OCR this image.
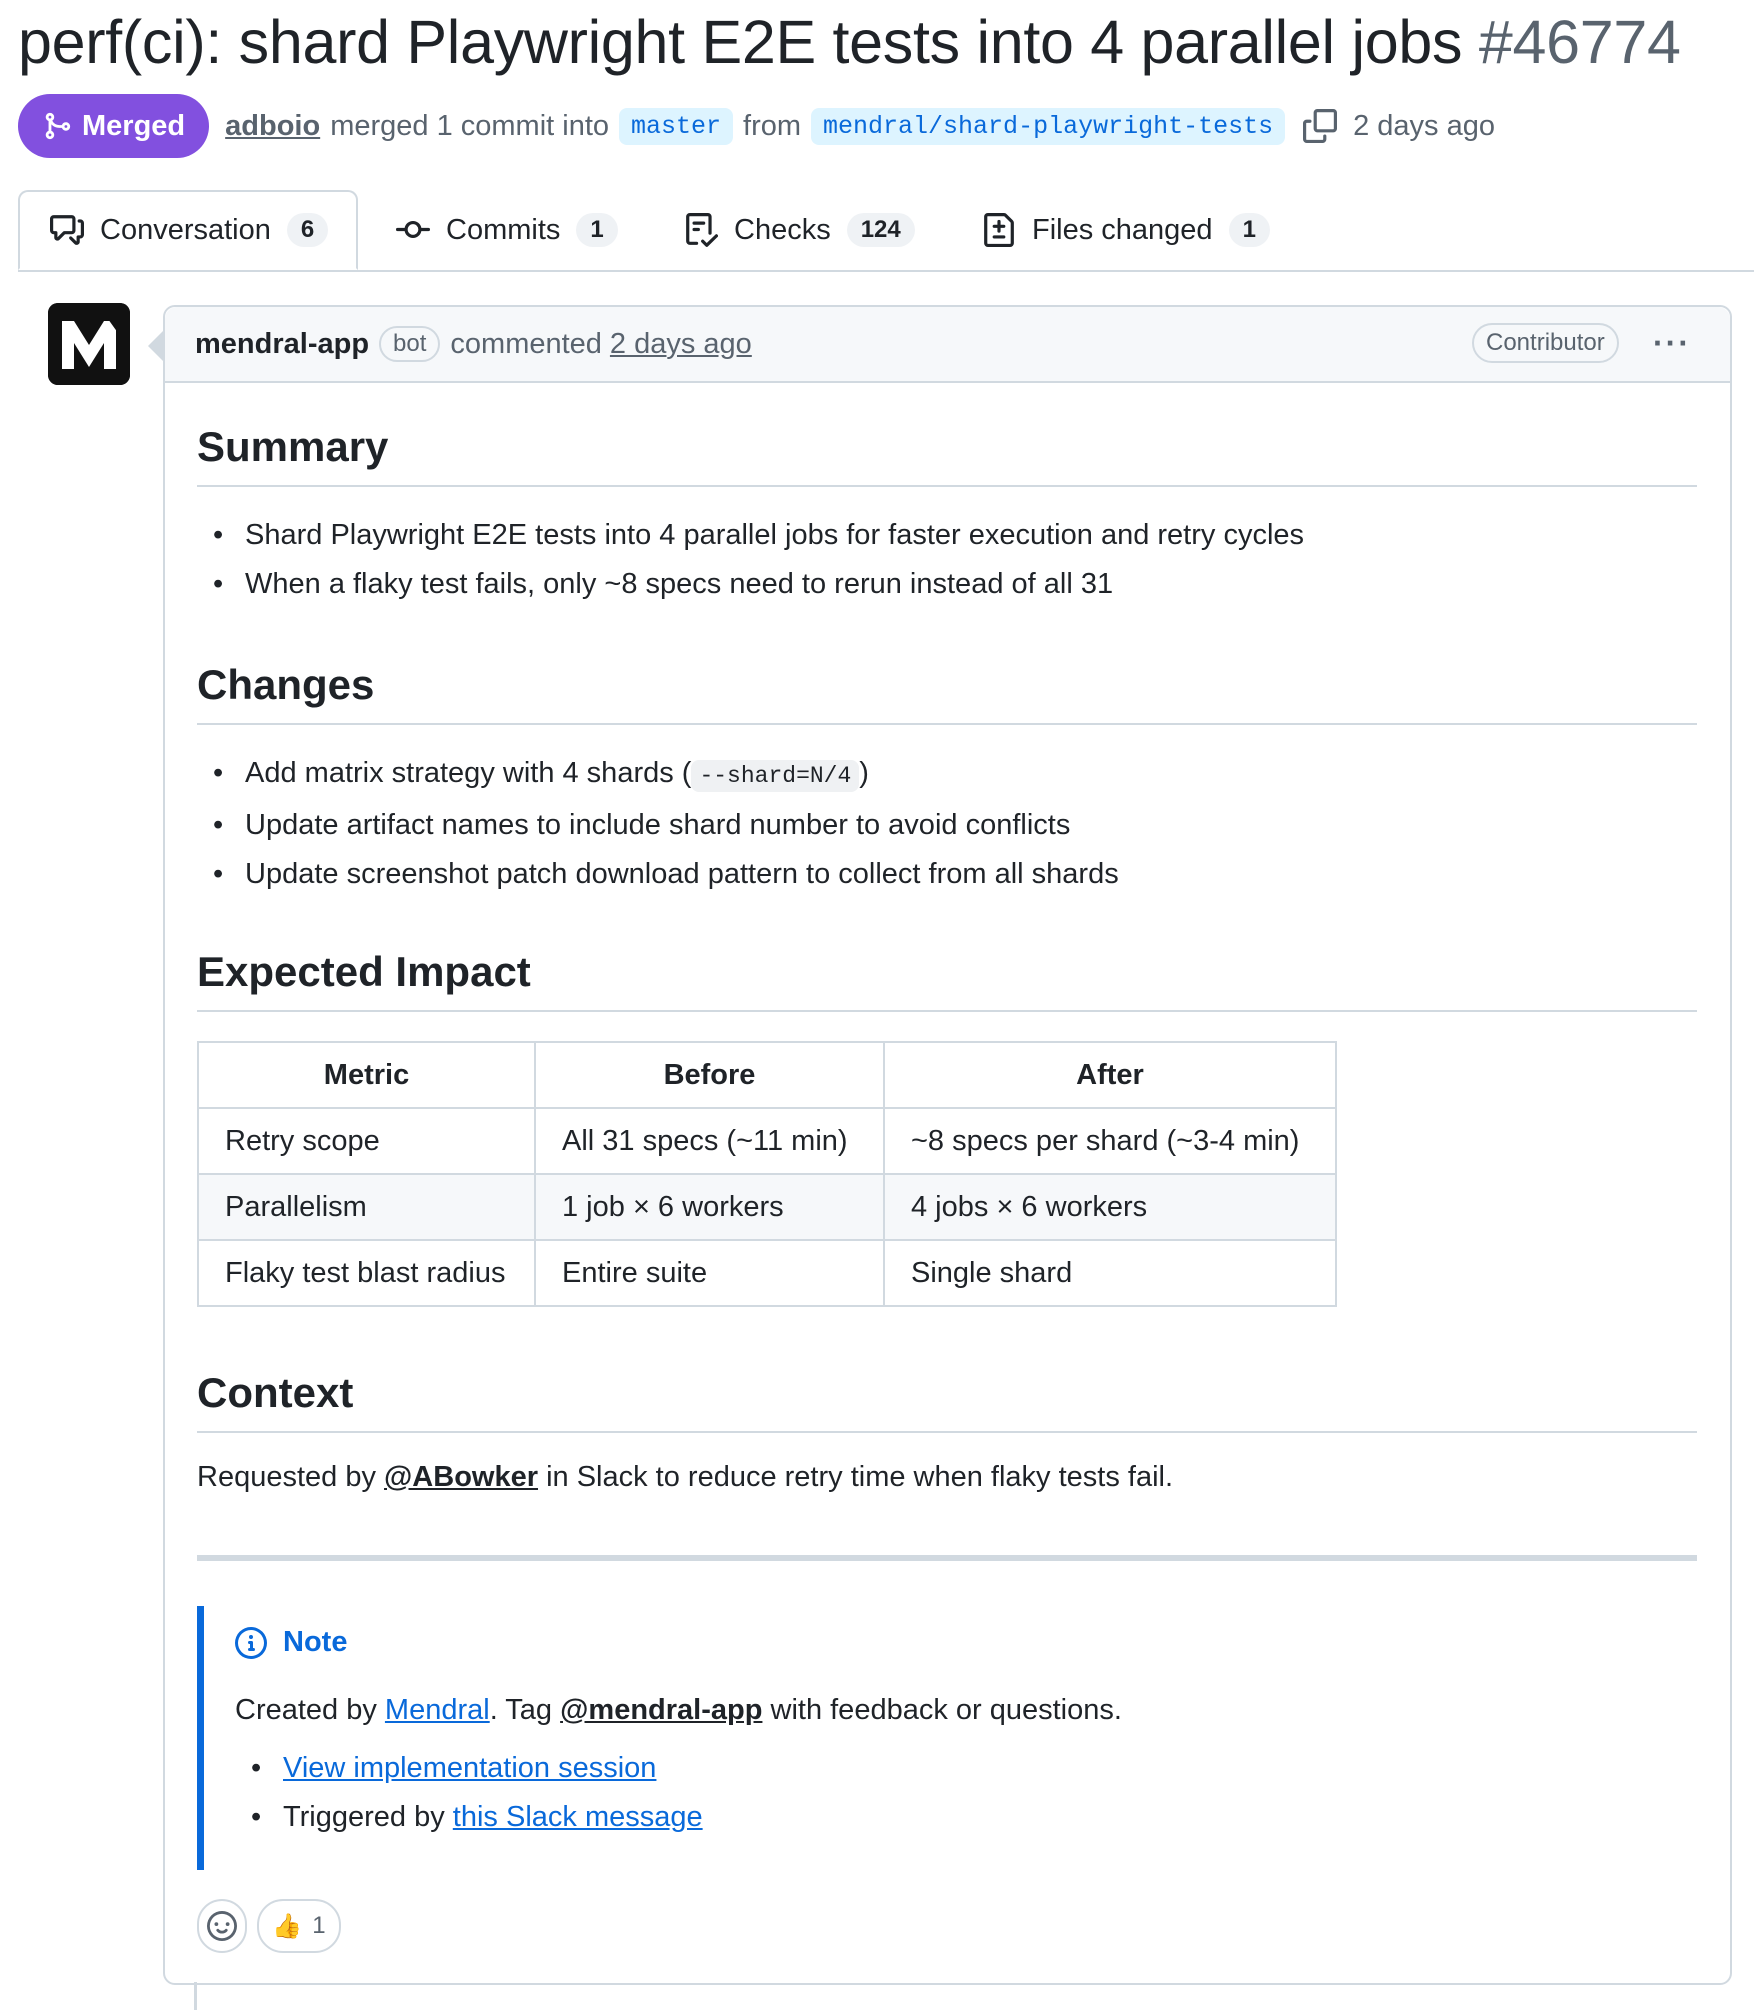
perf(ci): shard Playwright E2E tests into 4 parallel jobs #46774
Merged adboio merged 1 commit into master from mendral/shard-playwright-tests	2 days ago
Conversation	6	Commits	1	Checks	124	Files changed	1
mendral-app	bot commented 2 days ago	Contributor	···
Summary
• Shard Playwright E2E tests into 4 parallel jobs for faster execution and retry cycles
• When a flaky test fails, only ~8 specs need to rerun instead of all 31
Changes
• Add matrix strategy with 4 shards ( --shard=N/4 )
• Update artifact names to include shard number to avoid conflicts
• Update screenshot patch download pattern to collect from all shards
Expected Impact
Metric	Before	After
Retry scope	All 31 specs (~11 min)	~8 specs per shard (~3-4 min)
Parallelism	1 job × 6 workers	4 jobs × 6 workers
Flaky test blast radius	Entire suite	Single shard
Context
Requested by @ABowker in Slack to reduce retry time when flaky tests fail.
Note
Created by Mendral. Tag @mendral-app with feedback or questions.
• View implementation session
• Triggered by this Slack message
👍 1
